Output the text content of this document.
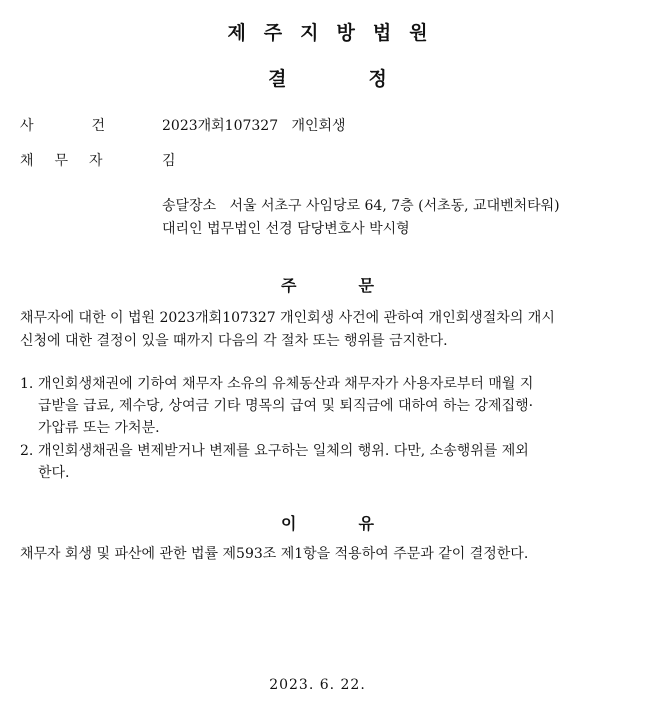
제주지방법원
결정
사건2023개회107327   개인회생
채무자	김
송달장소   서울 서초구 사임당로 64, 7층 (서초동, 교대벤처타워)
대리인 법무법인 선경 담당변호사 박시형
주문
채무자에 대한 이 법원 2023개회107327 개인회생 사건에 관하여 개인회생절차의 개시
신청에 대한 결정이 있을 때까지 다음의 각 절차 또는 행위를 금지한다.
1. 개인회생채권에 기하여 채무자 소유의 유체동산과 채무자가 사용자로부터 매월 지
급받을 급료, 제수당, 상여금 기타 명목의 급여 및 퇴직금에 대하여 하는 강제집행·
가압류 또는 가처분.
2. 개인회생채권을 변제받거나 변제를 요구하는 일체의 행위. 다만, 소송행위를 제외
한다.
이유
채무자 회생 및 파산에 관한 법률 제593조 제1항을 적용하여 주문과 같이 결정한다.
2023. 6. 22.
